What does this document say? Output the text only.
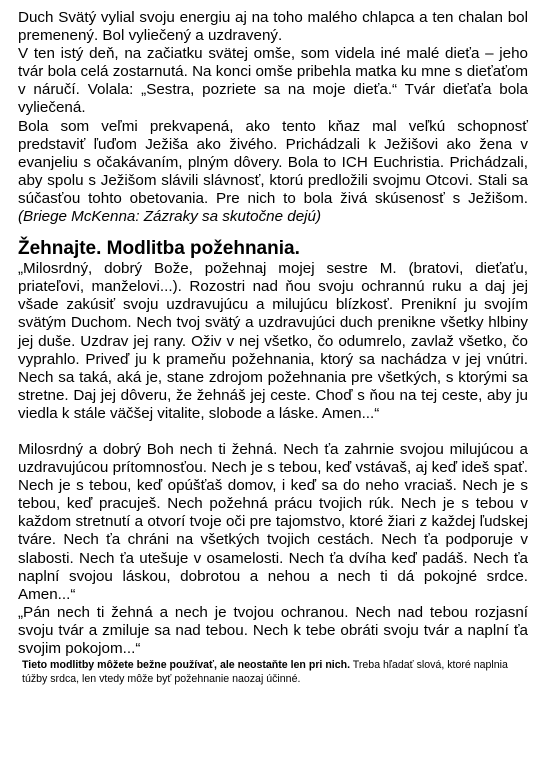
Duch Svätý vylial svoju energiu aj na toho malého chlapca a ten chalan bol premenený. Bol vyliečený a uzdravený.

V ten istý deň, na začiatku svätej omše, som videla iné malé dieťa – jeho tvár bola celá zostarnutá. Na konci omše pribehla matka ku mne s dieťaťom v náručí. Volala: „Sestra, pozriete sa na moje dieťa.“ Tvár dieťaťa bola vyliečená.

Bola som veľmi prekvapená, ako tento kňaz mal veľkú schopnosť predstaviť ľuďom Ježiša ako živého. Prichádzali k Ježišovi ako žena v evanjeliu s očakávaním, plným dôvery. Bola to ICH Euchristia. Prichádzali, aby spolu s Ježišom slávili slávnosť, ktorú predložili svojmu Otcovi. Stali sa súčasťou tohto obetovania. Pre nich to bola živá skúsenosť s Ježišom. (Briege McKenna: Zázraky sa skutočne dejú)

Žehnajte. Modlitba požehnania.

„Milosrdný, dobrý Bože, požehnaj mojej sestre M. (bratovi, dieťaťu, priateľovi, manželovi...). Rozostri nad ňou svoju ochrannú ruku a daj jej všade zakúsiť svoju uzdravujúcu a milujúcu blízkosť. Prenikní ju svojím svätým Duchom. Nech tvoj svätý a uzdravujúci duch prenikne všetky hlbiny jej duše. Uzdrav jej rany. Oživ v nej všetko, čo odumrelo, zavlaž všetko, čo vyprahlo. Priveď ju k prameňu požehnania, ktorý sa nachádza v jej vnútri. Nech sa taká, aká je, stane zdrojom požehnania pre všetkých, s ktorými sa stretne. Daj jej dôveru, že žehnáš jej ceste. Choď s ňou na tej ceste, aby ju viedla k stále väčšej vitalite, slobode a láske. Amen...“

Milosrdný a dobrý Boh nech ti žehná. Nech ťa zahrnie svojou milujúcou a uzdravujúcou prítomnosťou. Nech je s tebou, keď vstávaš, aj keď ideš spať. Nech je s tebou, keď opúšťaš domov, i keď sa do neho vraciaš. Nech je s tebou, keď pracuješ. Nech požehná prácu tvojich rúk. Nech je s tebou v každom stretnutí a otvorí tvoje oči pre tajomstvo, ktoré žiari z každej ľudskej tváre. Nech ťa chráni na všetkých tvojich cestách. Nech ťa podporuje v slabosti. Nech ťa utešuje v osamelosti. Nech ťa dvíha keď padáš. Nech ťa naplní svojou láskou, dobrotou a nehou a nech ti dá pokojné srdce. Amen...“

„Pán nech ti žehná a nech je tvojou ochranou. Nech nad tebou rozjasní svoju tvár a zmiluje sa nad tebou. Nech k tebe obráti svoju tvár a naplní ťa svojim pokojom...“

Tieto modlitby môžete bežne používať, ale neostaňte len pri nich. Treba hľadať slová, ktoré naplnia túžby srdca, len vtedy môže byť požehnanie naozaj účinné.
